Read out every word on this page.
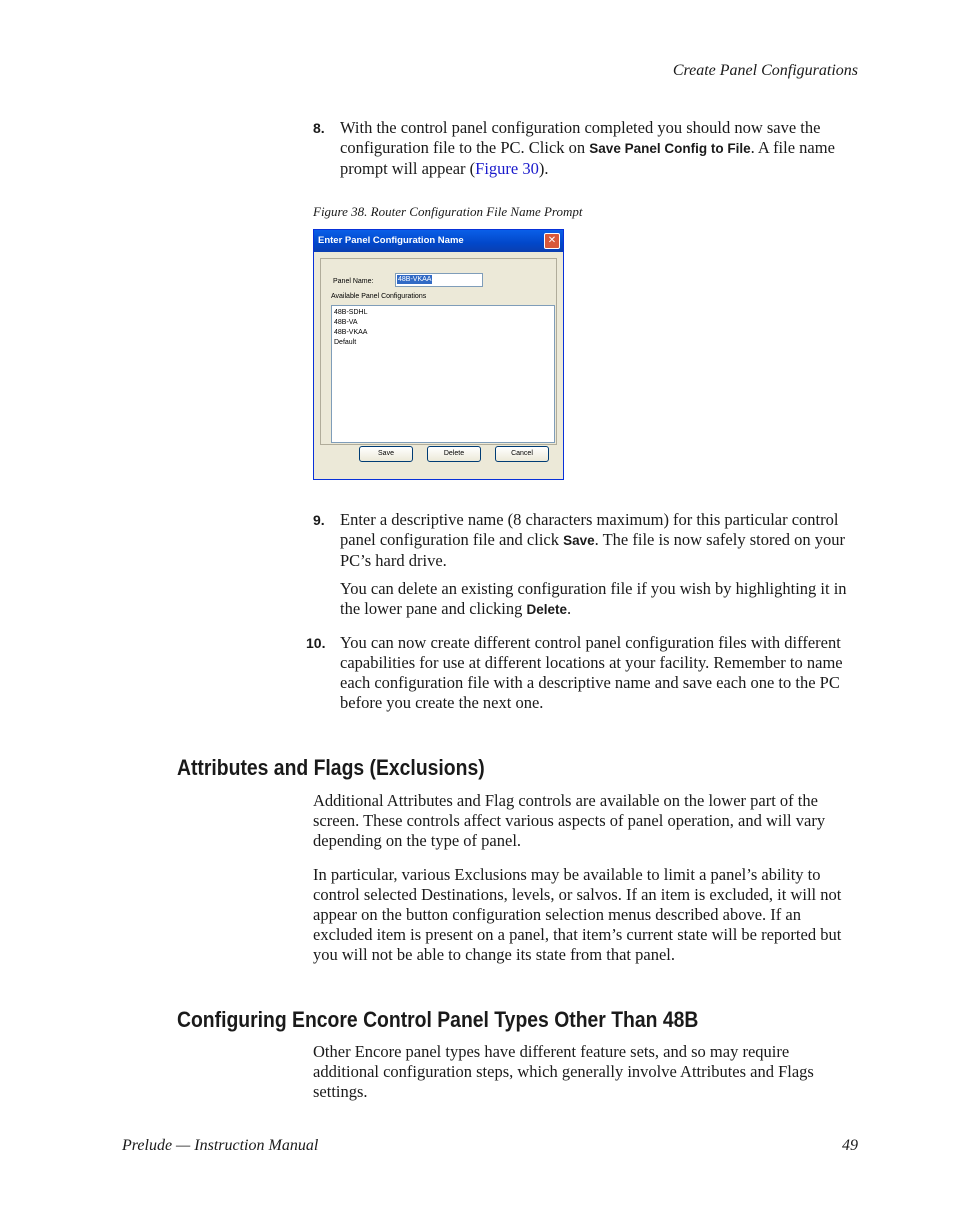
Create Panel Configurations
8. With the control panel configuration completed you should now save the configuration file to the PC. Click on Save Panel Config to File. A file name prompt will appear (Figure 30).
Figure 38. Router Configuration File Name Prompt
Enter Panel Configuration Name	✕
Panel Name:	48B-VKAA
Available Panel Configurations
48B-SDHL
48B-VA
48B-VKAA
Default
Save	Delete	Cancel
9. Enter a descriptive name (8 characters maximum) for this particular control panel configuration file and click Save. The file is now safely stored on your PC’s hard drive.
You can delete an existing configuration file if you wish by highlighting it in the lower pane and clicking Delete.
10. You can now create different control panel configuration files with different capabilities for use at different locations at your facility. Remember to name each configuration file with a descriptive name and save each one to the PC before you create the next one.
Attributes and Flags (Exclusions)
Additional Attributes and Flag controls are available on the lower part of the screen. These controls affect various aspects of panel operation, and will vary depending on the type of panel.
In particular, various Exclusions may be available to limit a panel’s ability to control selected Destinations, levels, or salvos. If an item is excluded, it will not appear on the button configuration selection menus described above. If an excluded item is present on a panel, that item’s current state will be reported but you will not be able to change its state from that panel.
Configuring Encore Control Panel Types Other Than 48B
Other Encore panel types have different feature sets, and so may require additional configuration steps, which generally involve Attributes and Flags settings.
Prelude — Instruction Manual	49
